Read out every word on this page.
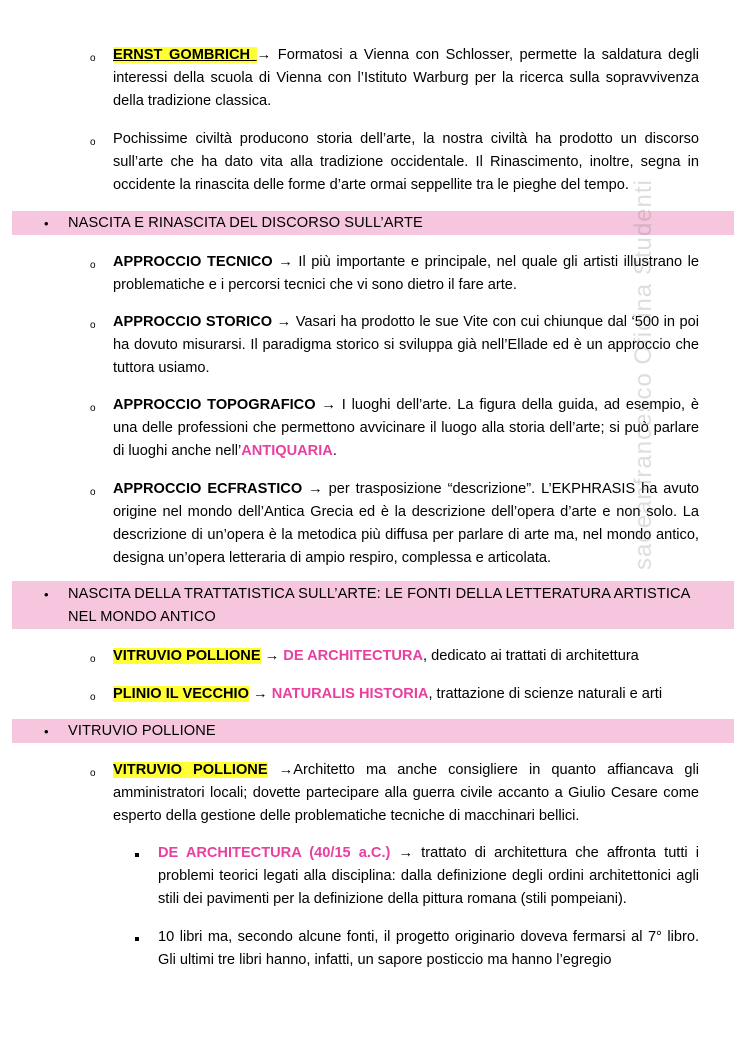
o ERNST GOMBRICH → Formatosi a Vienna con Schlosser, permette la saldatura degli interessi della scuola di Vienna con l’Istituto Warburg per la ricerca sulla sopravvivenza della tradizione classica.
o Pochissime civiltà producono storia dell’arte, la nostra civiltà ha prodotto un discorso sull’arte che ha dato vita alla tradizione occidentale. Il Rinascimento, inoltre, segna in occidente la rinascita delle forme d’arte ormai seppellite tra le pieghe del tempo.
• NASCITA E RINASCITA DEL DISCORSO SULL’ARTE
o APPROCCIO TECNICO → Il più importante e principale, nel quale gli artisti illustrano le problematiche e i percorsi tecnici che vi sono dietro il fare arte.
o APPROCCIO STORICO → Vasari ha prodotto le sue Vite con cui chiunque dal ‘500 in poi ha dovuto misurarsi. Il paradigma storico si sviluppa già nell’Ellade ed è un approccio che tuttora usiamo.
o APPROCCIO TOPOGRAFICO → I luoghi dell’arte. La figura della guida, ad esempio, è una delle professioni che permettono avvicinare il luogo alla storia dell’arte; si può parlare di luoghi anche nell’ANTIQUARIA.
o APPROCCIO ECFRASTICO → per trasposizione “descrizione”. L’EKPHRASIS ha avuto origine nel mondo dell’Antica Grecia ed è la descrizione dell’opera d’arte e non solo. La descrizione di un’opera è la metodica più diffusa per parlare di arte ma, nel mondo antico, designa un’opera letteraria di ampio respiro, complessa e articolata.
• NASCITA DELLA TRATTATISTICA SULL’ARTE: LE FONTI DELLA LETTERATURA ARTISTICA
NEL MONDO ANTICO
o VITRUVIO POLLIONE → DE ARCHITECTURA, dedicato ai trattati di architettura
o PLINIO IL VECCHIO → NATURALIS HISTORIA, trattazione di scienze naturali e arti
• VITRUVIO POLLIONE
o VITRUVIO POLLIONE →Architetto ma anche consigliere in quanto affiancava gli amministratori locali; dovette partecipare alla guerra civile accanto a Giulio Cesare come esperto della gestione delle problematiche tecniche di macchinari bellici.
DE ARCHITECTURA (40/15 a.C.) → trattato di architettura che affronta tutti i problemi teorici legati alla disciplina: dalla definizione degli ordini architettonici agli stili dei pavimenti per la definizione della pittura romana (stili pompeiani).
10 libri ma, secondo alcune fonti, il progetto originario doveva fermarsi al 7° libro. Gli ultimi tre libri hanno, infatti, un sapore posticcio ma hanno l’egregio
sadeanfrancesco Oficina Studenti
